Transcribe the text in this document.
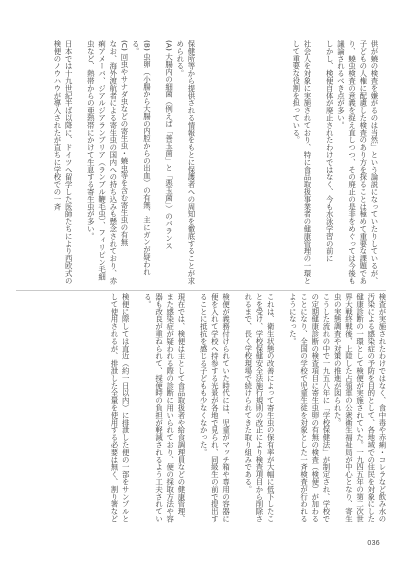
供が蟯の検査を嫌がるのは当然」という論説になっていたりしているが、子どもの人権に配慮した検査のあり方を探ることは極めて重要な課題であり、蟯虫検査の意義を捉え直しつつ、その廃止の是非をめぐっては今後も議論されるべき点が多い。

しかし、検便自体が廃止されたわけではなく、今も水泳学習の前に

社会人を対象に実施されており、特に食品取扱事業者の健康管理の一環として重要な役割を担っている。

保健所等から提供される情報をもとに保護者への周知を徹底することが求められる。

(A) 大腸内の細菌（例えば「善玉菌」と「悪玉菌」）のバランス

(B) 虫卵（小腸から大腸の内腔からの出血）の有無、主にガンが疑われる。

(C) 回虫やサナダ虫などの寄生虫・蟯虫等を含む寄生虫の有無

なお、海外渡航者による寄生虫の国内への持ち込みも懸念されており、赤痢アメーバ、ジアルジアランブリア（ランブル鞭毛虫）、フィリピン毛細虫など、熱帯からの亜熱帯にかけて生息する寄生虫が多い。

日本では十九世紀半ば以降に、ドイツへ留学した医師たちにより西欧式の検便のノウハウが導入されたが直ちに学校での一斉

検査が実施されたわけではなく、食中毒や赤痢・コレラなど飲み水の汚染による感染症の予防を目的として、各地域での住民を対象にした健康診断の一環として検便が実施されていた。一九四五年の第二次世界大戦終戦後、上陸した占領軍の公衆衛生福祉局が中心となり、寄生虫の実態調査や対策の推進が図られた。

こうした流れの中で一九五八年に「学校保健法」が制定され、学校での定期健康診断の検査項目に寄生虫卵の有無の検査（検便）が加わることになり、全国の学校で児童生徒を対象とした一斉検査が行われるようになった。

これは、衛生状態の改善によって寄生虫の保有率が大幅に低下したことを受け、学校保健安全法施行規則の改正により検査項目から削除されるまで、長く学校現場で続けられてきた取り組みである。

検便が義務付けられていた時代には、児童がマッチ箱や専用の容器に便を入れて学校へ持参する光景が各地で見られ、同級生の前で提出することに抵抗を感じる子どもも少なくなかった。

現在では、検便は主として食品取扱者や給食調理員などの健康管理、また感染症が疑われる際の診断に用いられており、便の採取方法や容器も改良が重ねられて、採便時の負担が軽減されるよう工夫されている。

検便に際しては直近（約一日以内）に排泄した便の一部をサンプルとして使用されるが、排泄した全量を使用する必要は無く、割り箸など

036
